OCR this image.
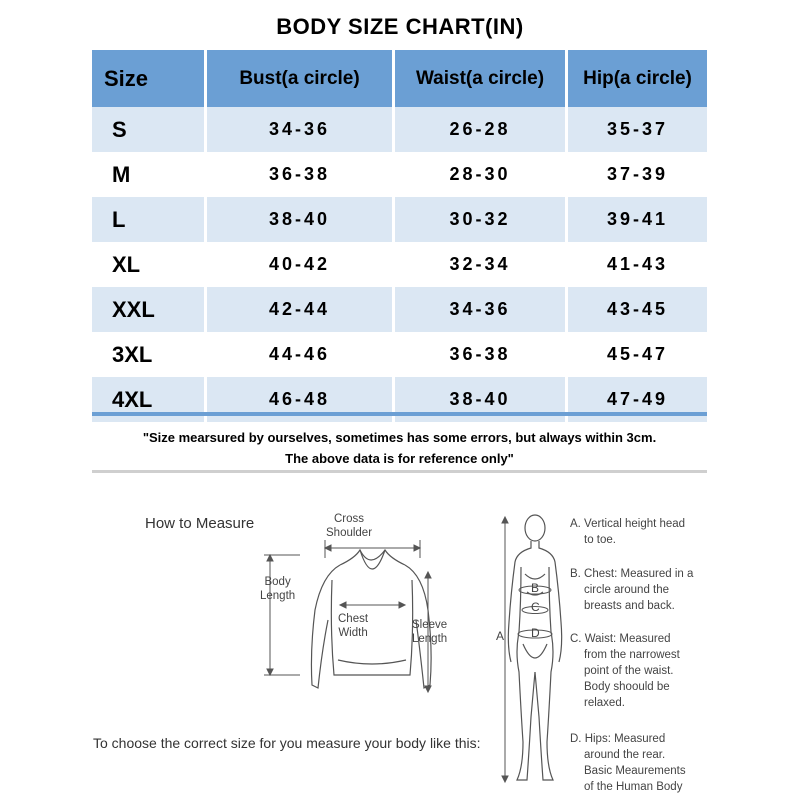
BODY SIZE CHART(IN)
Size	Bust(a circle)	Waist(a circle)	Hip(a circle)
S	34-36	26-28	35-37
M	36-38	28-30	37-39
L	38-40	30-32	39-41
XL	40-42	32-34	41-43
XXL	42-44	34-36	43-45
3XL	44-46	36-38	45-47
4XL	46-48	38-40	47-49
"Size mearsured by ourselves, sometimes has some errors, but always within 3cm.
The above data is for reference only"
How to Measure	Cross
Shoulder
Body
Length
Chest
Width
Sleeve
Length
To choose the correct size for you measure your body like this:
B
C
D
A
A. Vertical height head
to toe.
B. Chest: Measured in a
circle around the
breasts and back.
C. Waist: Measured
from the narrowest
point of the waist.
Body shoould be
relaxed.
D. Hips: Measured
around the rear.
Basic Meaurements
of the Human Body
